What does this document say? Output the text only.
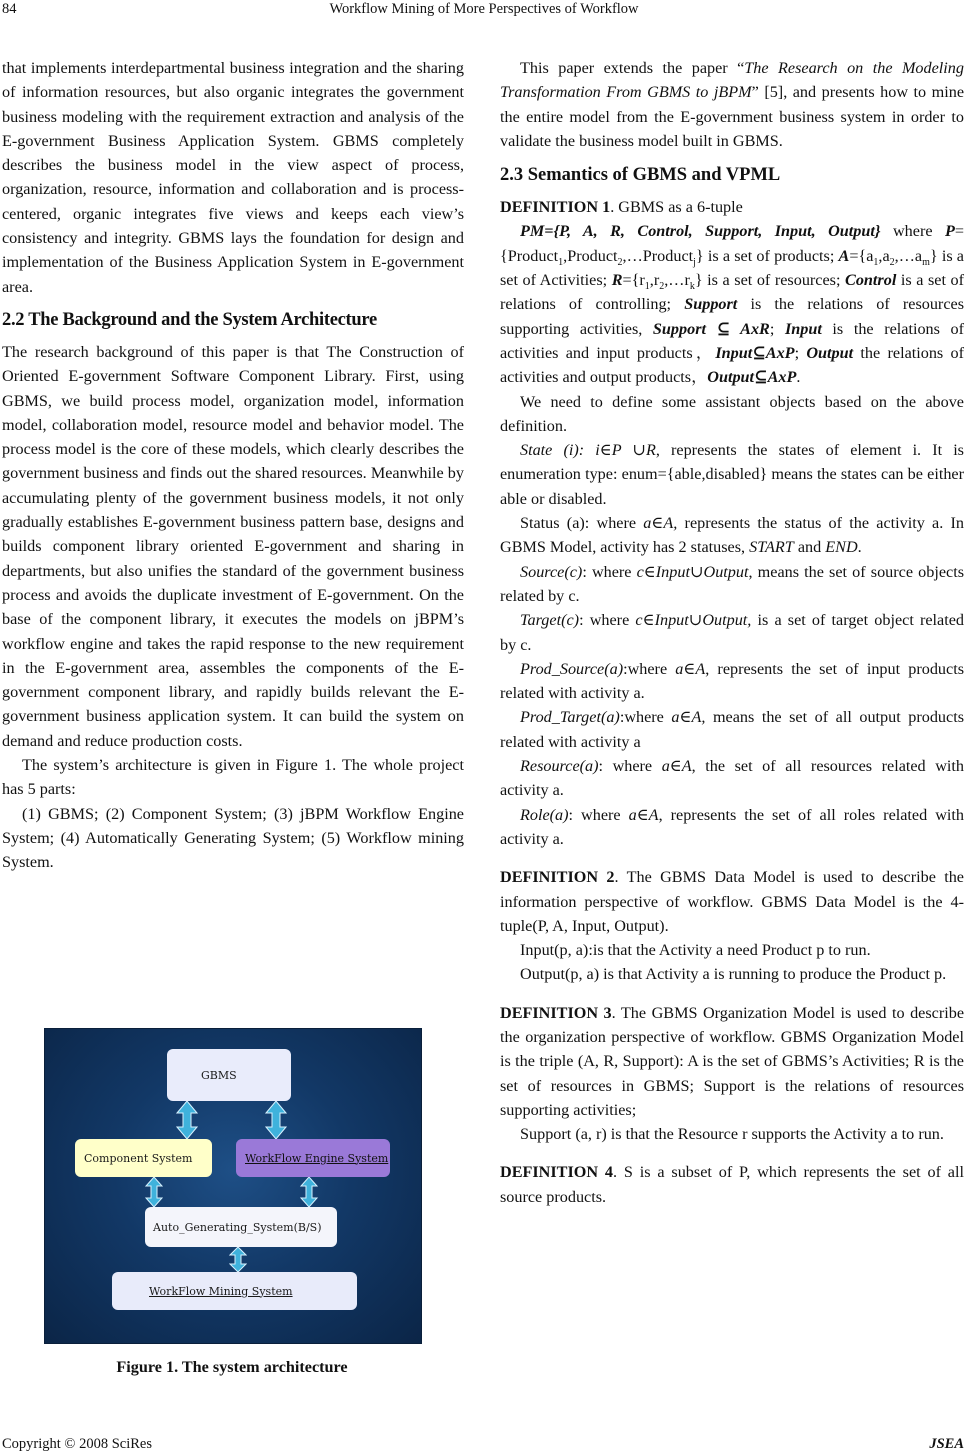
84	Workflow Mining of More Perspectives of Workflow

that implements interdepartmental business integration and the sharing of information resources, but also organic integrates the government business modeling with the requirement extraction and analysis of the E-government Business Application System. GBMS completely describes the business model in the view aspect of process, organization, resource, information and collaboration and is process-centered, organic integrates five views and keeps each view’s consistency and integrity. GBMS lays the foundation for design and implementation of the Business Application System in E-government area.

2.2 The Background and the System Architecture

The research background of this paper is that The Construction of Oriented E-government Software Component Library. First, using GBMS, we build process model, organization model, information model, collaboration model, resource model and behavior model. The process model is the core of these models, which clearly describes the government business and finds out the shared resources. Meanwhile by accumulating plenty of the government business models, it not only gradually establishes E-government business pattern base, designs and builds component library oriented E-government and sharing in departments, but also unifies the standard of the government business process and avoids the duplicate investment of E-government. On the base of the component library, it executes the models on jBPM’s workflow engine and takes the rapid response to the new requirement in the E-government area, assembles the components of the E-government component library, and rapidly builds relevant the E-government business application system. It can build the system on demand and reduce production costs.

The system’s architecture is given in Figure 1. The whole project has 5 parts:

(1) GBMS; (2) Component System; (3) jBPM Workflow Engine System; (4) Automatically Generating System; (5) Workflow mining System.

GBMS
Component System	WorkFlow Engine System
Auto_Generating_System(B/S)
WorkFlow Mining System
Figure 1. The system architecture

This paper extends the paper “The Research on the Modeling Transformation From GBMS to jBPM” [5], and presents how to mine the entire model from the E-government business system in order to validate the business model built in GBMS.

2.3 Semantics of GBMS and VPML

DEFINITION 1. GBMS as a 6-tuple

PM={P, A, R, Control, Support, Input, Output} where P={Product$_1$,Product$_2$,…Product$_j$} is a set of products; $A=\{a_1,a_2,\dots a_m\}$ is a set of Activities; $R=\{r_1,r_2,\dots r_k\}$ is a set of resources; Control is a set of relations of controlling; Support is the relations of resources supporting activities, Support ⊆ AxR; Input is the relations of activities and input products，Input⊆AxP; Output the relations of activities and output products，Output⊆AxP.

We need to define some assistant objects based on the above definition.

State (i): i∈P ∪R, represents the states of element i. It is enumeration type: enum={able,disabled} means the states can be either able or disabled.

Status (a): where a∈A, represents the status of the activity a. In GBMS Model, activity has 2 statuses, START and END.

Source(c): where c∈Input∪Output, means the set of source objects related by c.

Target(c): where c∈Input∪Output, is a set of target object related by c.

Prod_Source(a):where a∈A, represents the set of input products related with activity a.

Prod_Target(a):where a∈A, means the set of all output products related with activity a

Resource(a): where a∈A, the set of all resources related with activity a.

Role(a): where a∈A, represents the set of all roles related with activity a.

DEFINITION 2. The GBMS Data Model is used to describe the information perspective of workflow. GBMS Data Model is the 4-tuple(P, A, Input, Output).

Input(p, a):is that the Activity a need Product p to run.

Output(p, a) is that Activity a is running to produce the Product p.

DEFINITION 3. The GBMS Organization Model is used to describe the organization perspective of workflow. GBMS Organization Model is the triple (A, R, Support): A is the set of GBMS’s Activities; R is the set of resources in GBMS; Support is the relations of resources supporting activities;

Support (a, r) is that the Resource r supports the Activity a to run.

DEFINITION 4. S is a subset of P, which represents the set of all source products.

Copyright © 2008 SciRes	JSEA
